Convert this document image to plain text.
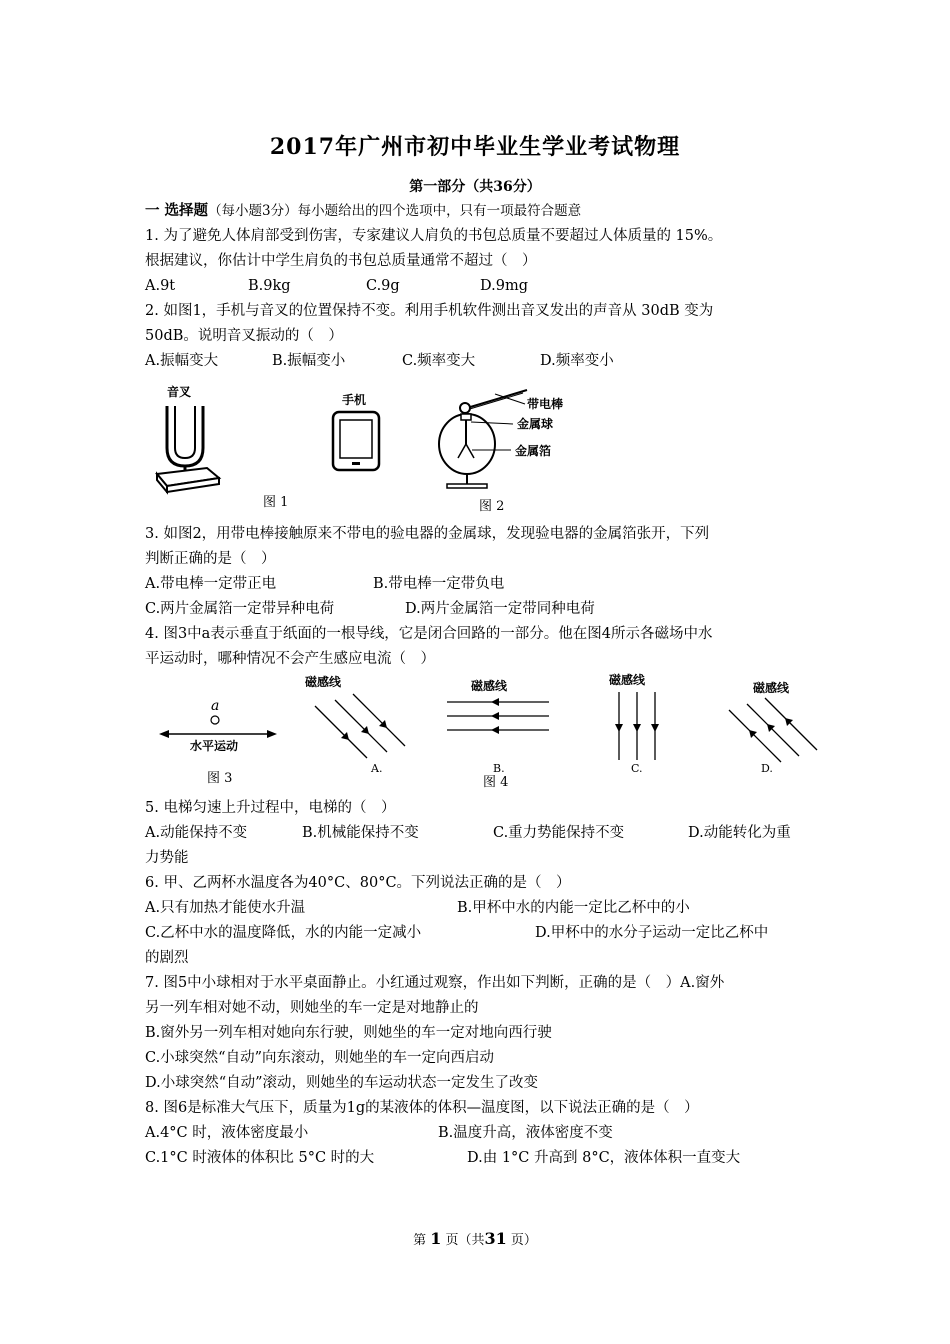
2017年广州市初中毕业生学业考试物理
第一部分（共36分）
一 选择题（每小题3分）每小题给出的四个选项中，只有一项最符合题意
1. 为了避免人体肩部受到伤害，专家建议人肩负的书包总质量不要超过人体质量的 15%。
根据建议，你估计中学生肩负的书包总质量通常不超过（　）
A.9t	B.9kg	C.9g	D.9mg
2. 如图1，手机与音叉的位置保持不变。利用手机软件测出音叉发出的声音从 30dB 变为
50dB。说明音叉振动的（　）
A.振幅变大	B.振幅变小	C.频率变大	D.频率变小
音叉
手机
图 1
带电棒
金属球
金属箔
图 2
3. 如图2，用带电棒接触原来不带电的验电器的金属球，发现验电器的金属箔张开，下列
判断正确的是（　）
A.带电棒一定带正电	B.带电棒一定带负电
C.两片金属箔一定带异种电荷	D.两片金属箔一定带同种电荷
4. 图3中a表示垂直于纸面的一根导线，它是闭合回路的一部分。他在图4所示各磁场中水
平运动时，哪种情况不会产生感应电流（　）
a
水平运动
图 3
磁感线
A.
磁感线
B.
图 4
磁感线
C.
磁感线
D.
5. 电梯匀速上升过程中，电梯的（　）
A.动能保持不变	B.机械能保持不变	C.重力势能保持不变	D.动能转化为重
力势能
6. 甲、乙两杯水温度各为40°C、80°C。下列说法正确的是（　）
A.只有加热才能使水升温	B.甲杯中水的内能一定比乙杯中的小
C.乙杯中水的温度降低，水的内能一定减小	D.甲杯中的水分子运动一定比乙杯中
的剧烈
7. 图5中小球相对于水平桌面静止。小红通过观察，作出如下判断，正确的是（　）A.窗外
另一列车相对她不动，则她坐的车一定是对地静止的
B.窗外另一列车相对她向东行驶，则她坐的车一定对地向西行驶
C.小球突然“自动”向东滚动，则她坐的车一定向西启动
D.小球突然“自动”滚动，则她坐的车运动状态一定发生了改变
8. 图6是标准大气压下，质量为1g的某液体的体积—温度图，以下说法正确的是（　）
A.4°C 时，液体密度最小	B.温度升高，液体密度不变
C.1°C 时液体的体积比 5°C 时的大	D.由 1°C 升高到 8°C，液体体积一直变大
第 1 页（共31 页）
